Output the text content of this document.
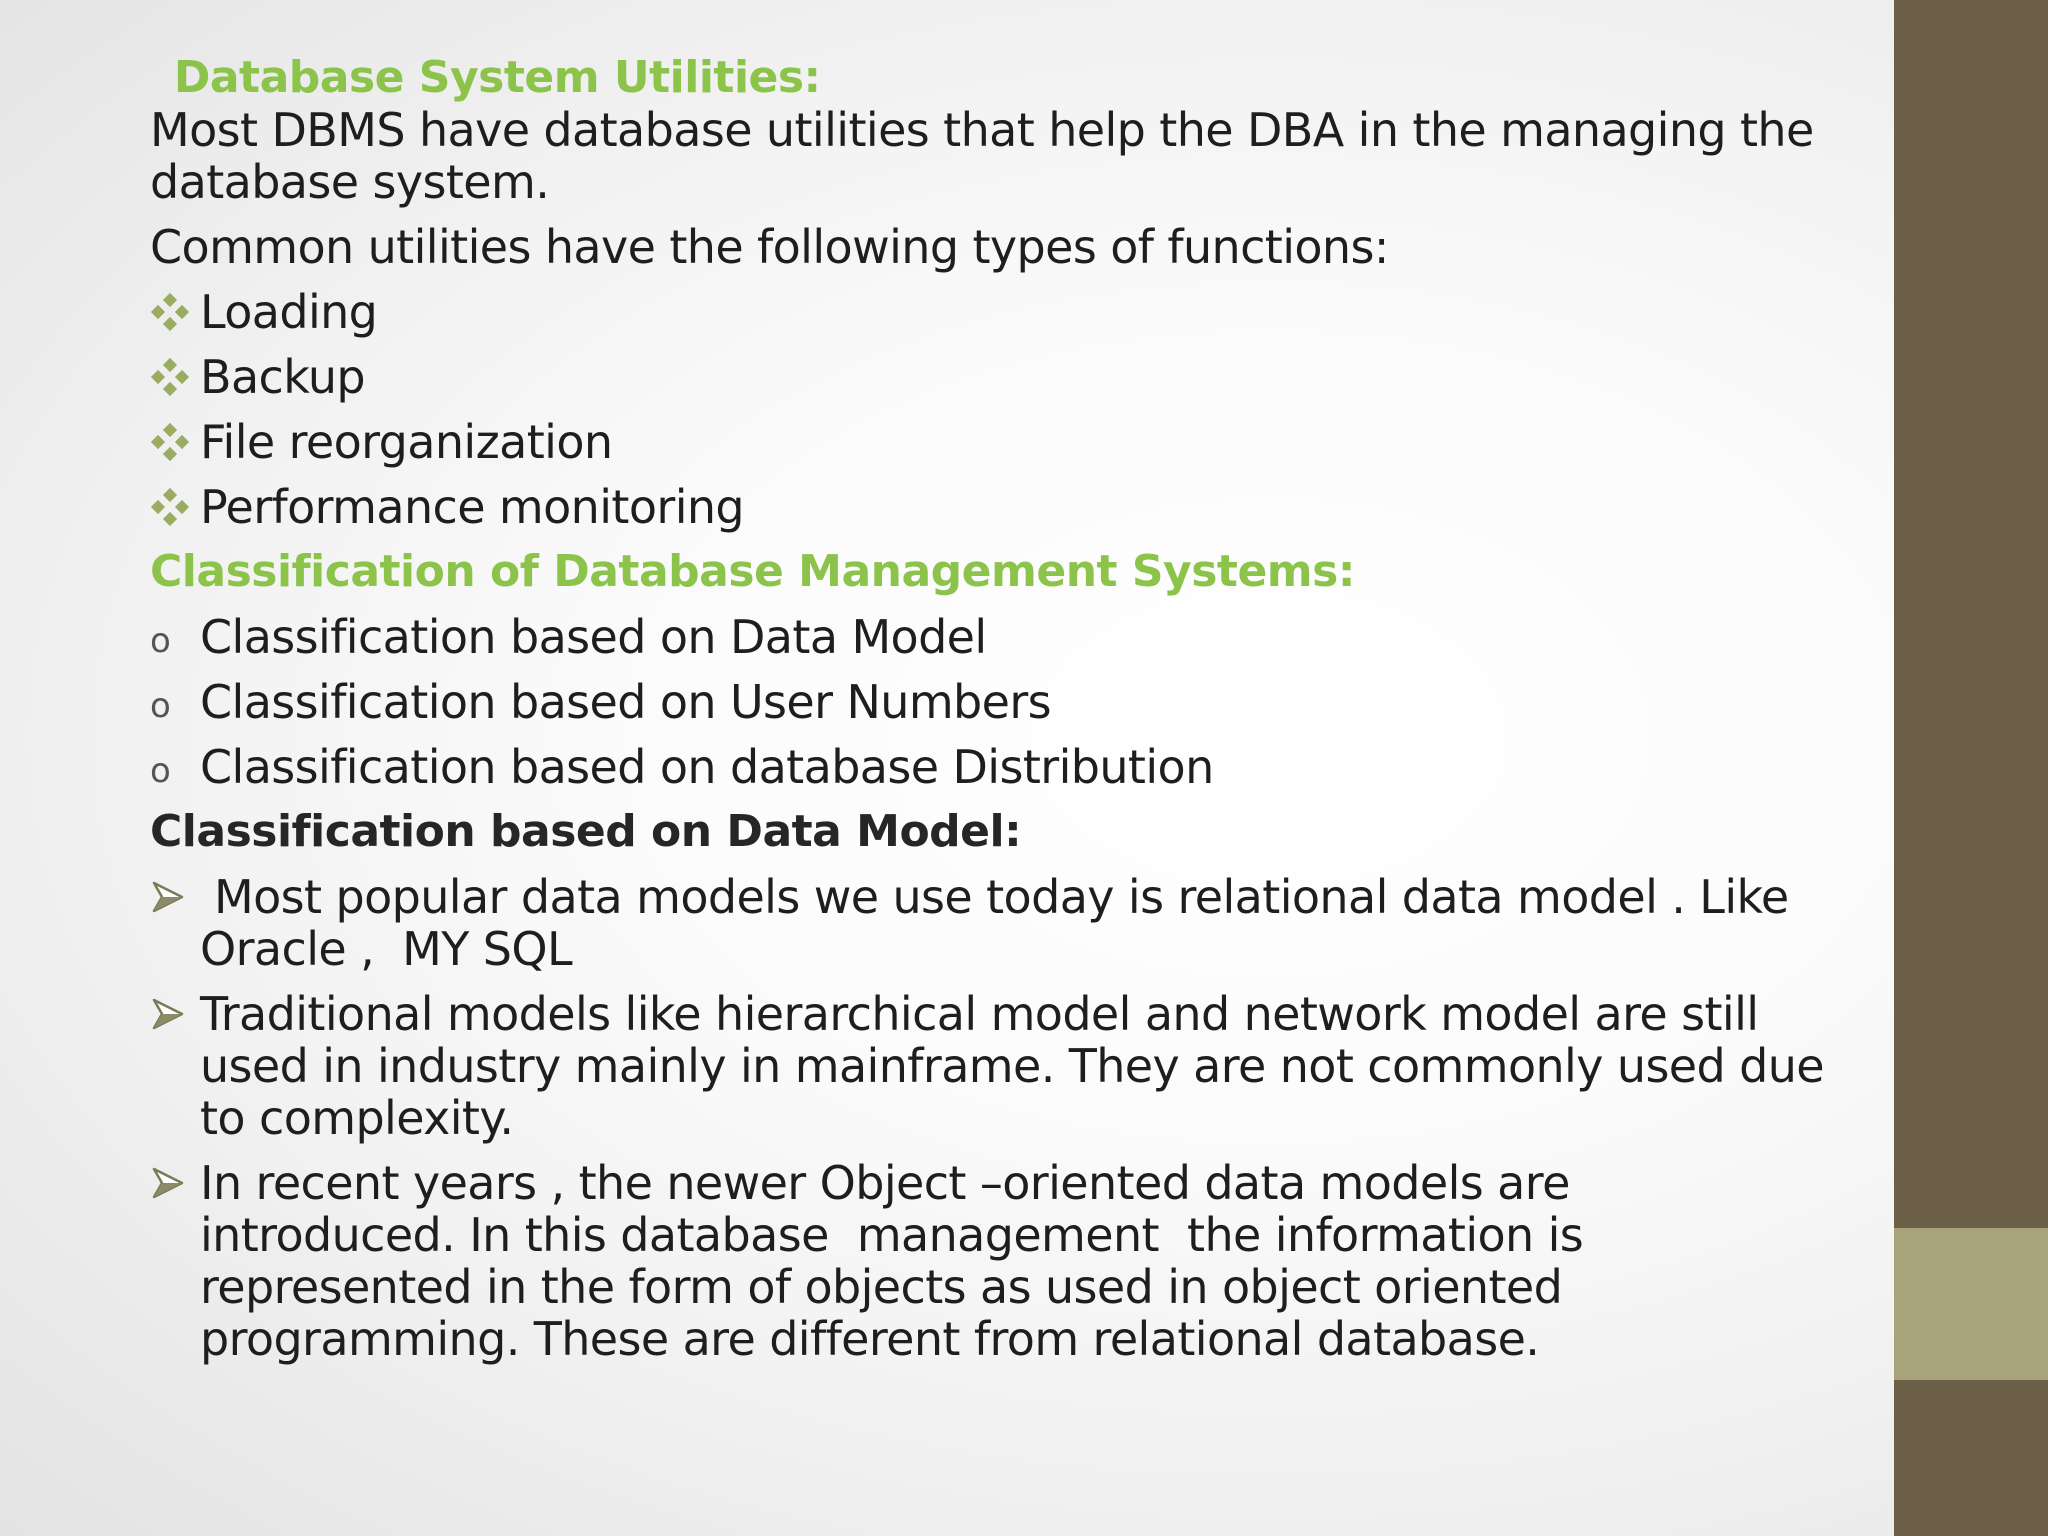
Database System Utilities:
Most DBMS have database utilities that help the DBA in the managing the
database system.
Common utilities have the following types of functions:
Loading
Backup
File reorganization
Performance monitoring
Classification of Database Management Systems:
o Classification based on Data Model
o Classification based on User Numbers
o Classification based on database Distribution
Classification based on Data Model:
Most popular data models we use today is relational data model . Like
Oracle ,  MY SQL
Traditional models like hierarchical model and network model are still
used in industry mainly in mainframe. They are not commonly used due
to complexity.
In recent years , the newer Object –oriented data models are
introduced. In this database  management  the information is
represented in the form of objects as used in object oriented
programming. These are different from relational database.
